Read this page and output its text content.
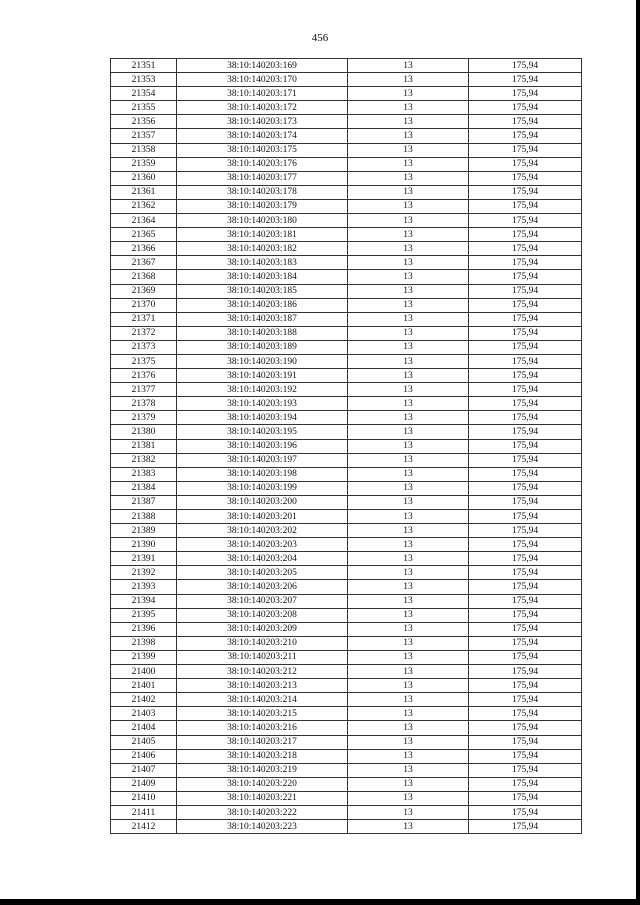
456
21351	38:10:140203:169	13	175,94
21353	38:10:140203:170	13	175,94
21354	38:10:140203:171	13	175,94
21355	38:10:140203:172	13	175,94
21356	38:10:140203:173	13	175,94
21357	38:10:140203:174	13	175,94
21358	38:10:140203:175	13	175,94
21359	38:10:140203:176	13	175,94
21360	38:10:140203:177	13	175,94
21361	38:10:140203:178	13	175,94
21362	38:10:140203:179	13	175,94
21364	38:10:140203:180	13	175,94
21365	38:10:140203:181	13	175,94
21366	38:10:140203:182	13	175,94
21367	38:10:140203:183	13	175,94
21368	38:10:140203:184	13	175,94
21369	38:10:140203:185	13	175,94
21370	38:10:140203:186	13	175,94
21371	38:10:140203:187	13	175,94
21372	38:10:140203:188	13	175,94
21373	38:10:140203:189	13	175,94
21375	38:10:140203:190	13	175,94
21376	38:10:140203:191	13	175,94
21377	38:10:140203:192	13	175,94
21378	38:10:140203:193	13	175,94
21379	38:10:140203:194	13	175,94
21380	38:10:140203:195	13	175,94
21381	38:10:140203:196	13	175,94
21382	38:10:140203:197	13	175,94
21383	38:10:140203:198	13	175,94
21384	38:10:140203:199	13	175,94
21387	38:10:140203:200	13	175,94
21388	38:10:140203:201	13	175,94
21389	38:10:140203:202	13	175,94
21390	38:10:140203:203	13	175,94
21391	38:10:140203:204	13	175,94
21392	38:10:140203:205	13	175,94
21393	38:10:140203:206	13	175,94
21394	38:10:140203:207	13	175,94
21395	38:10:140203:208	13	175,94
21396	38:10:140203:209	13	175,94
21398	38:10:140203:210	13	175,94
21399	38:10:140203:211	13	175,94
21400	38:10:140203:212	13	175,94
21401	38:10:140203:213	13	175,94
21402	38:10:140203:214	13	175,94
21403	38:10:140203:215	13	175,94
21404	38:10:140203:216	13	175,94
21405	38:10:140203:217	13	175,94
21406	38:10:140203:218	13	175,94
21407	38:10:140203:219	13	175,94
21409	38:10:140203:220	13	175,94
21410	38:10:140203:221	13	175,94
21411	38:10:140203:222	13	175,94
21412	38:10:140203:223	13	175,94
